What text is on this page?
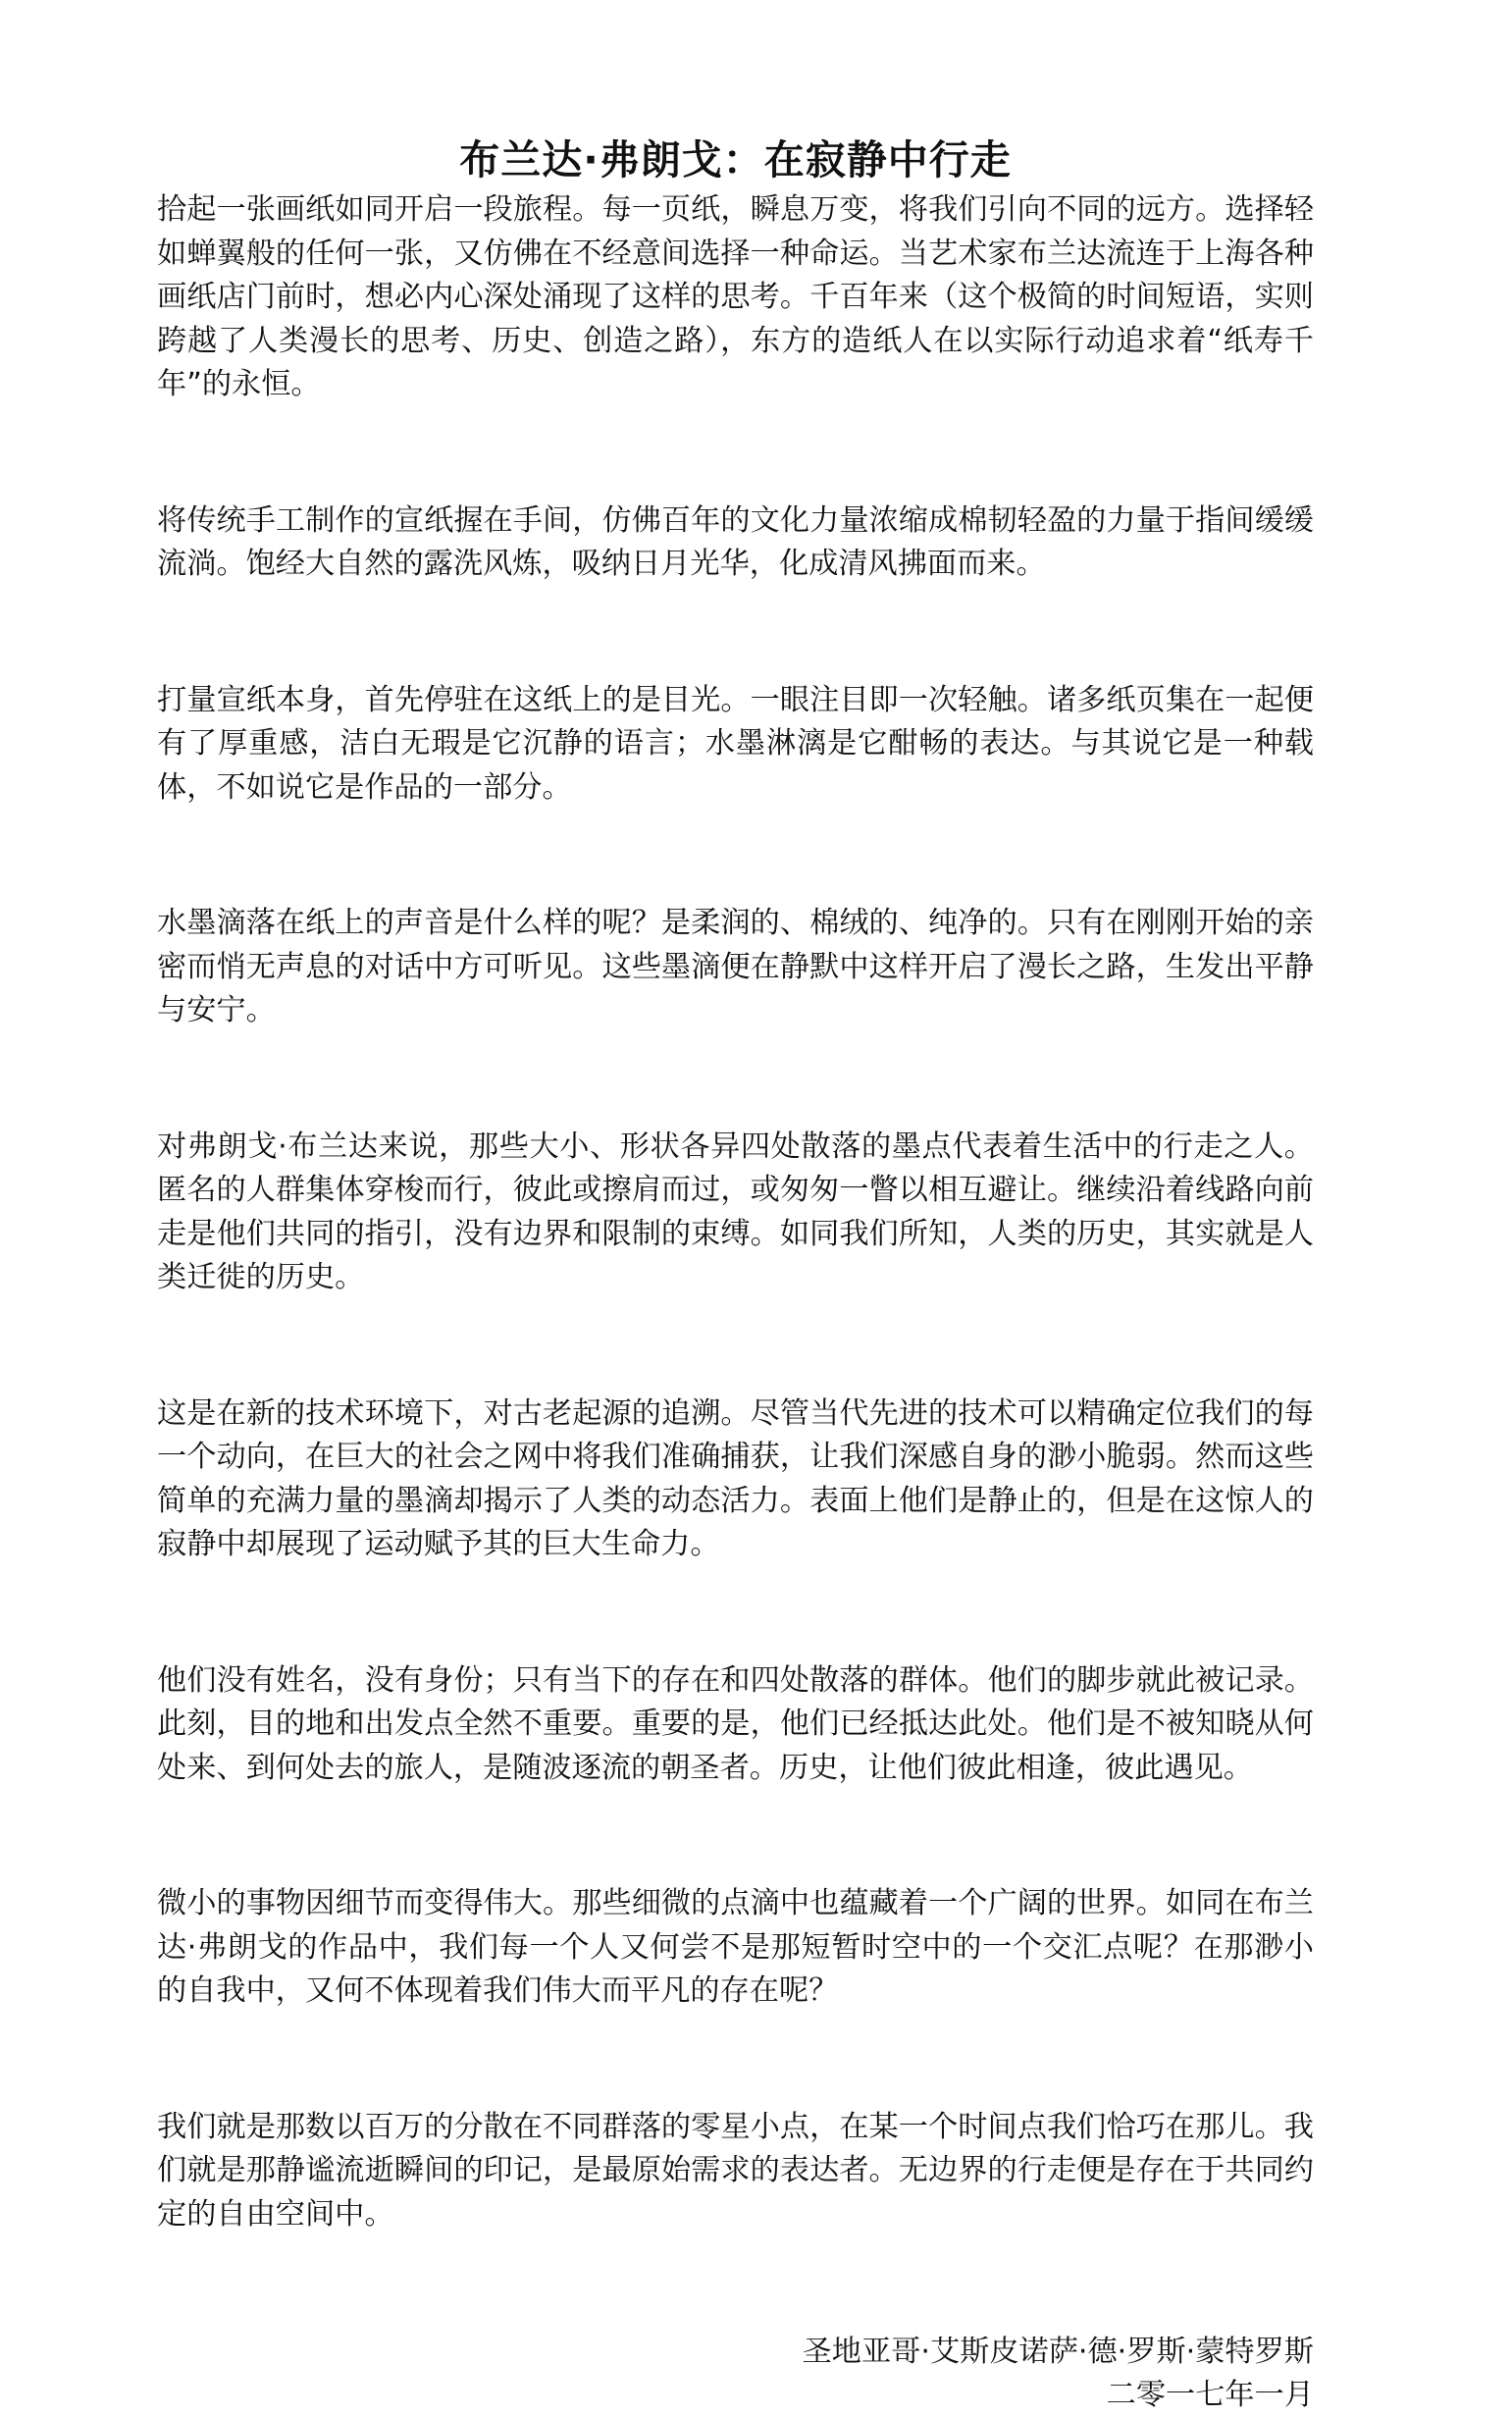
布兰达·弗朗戈：在寂静中行走
拾起一张画纸如同开启一段旅程。每一页纸，瞬息万变，将我们引向不同的远方。选择轻如蝉翼般的任何一张，又仿佛在不经意间选择一种命运。当艺术家布兰达流连于上海各种画纸店门前时，想必内心深处涌现了这样的思考。千百年来（这个极简的时间短语，实则跨越了人类漫长的思考、历史、创造之路），东方的造纸人在以实际行动追求着“纸寿千年”的永恒。
将传统手工制作的宣纸握在手间，仿佛百年的文化力量浓缩成棉韧轻盈的力量于指间缓缓流淌。饱经大自然的露洗风炼，吸纳日月光华，化成清风拂面而来。
打量宣纸本身，首先停驻在这纸上的是目光。一眼注目即一次轻触。诸多纸页集在一起便有了厚重感，洁白无瑕是它沉静的语言；水墨淋漓是它酣畅的表达。与其说它是一种载体，不如说它是作品的一部分。
水墨滴落在纸上的声音是什么样的呢？是柔润的、棉绒的、纯净的。只有在刚刚开始的亲密而悄无声息的对话中方可听见。这些墨滴便在静默中这样开启了漫长之路，生发出平静与安宁。
对弗朗戈·布兰达来说，那些大小、形状各异四处散落的墨点代表着生活中的行走之人。匿名的人群集体穿梭而行，彼此或擦肩而过，或匆匆一瞥以相互避让。继续沿着线路向前走是他们共同的指引，没有边界和限制的束缚。如同我们所知，人类的历史，其实就是人类迁徙的历史。
这是在新的技术环境下，对古老起源的追溯。尽管当代先进的技术可以精确定位我们的每一个动向，在巨大的社会之网中将我们准确捕获，让我们深感自身的渺小脆弱。然而这些简单的充满力量的墨滴却揭示了人类的动态活力。表面上他们是静止的，但是在这惊人的寂静中却展现了运动赋予其的巨大生命力。
他们没有姓名，没有身份；只有当下的存在和四处散落的群体。他们的脚步就此被记录。此刻，目的地和出发点全然不重要。重要的是，他们已经抵达此处。他们是不被知晓从何处来、到何处去的旅人，是随波逐流的朝圣者。历史，让他们彼此相逢，彼此遇见。
微小的事物因细节而变得伟大。那些细微的点滴中也蕴藏着一个广阔的世界。如同在布兰达·弗朗戈的作品中，我们每一个人又何尝不是那短暂时空中的一个交汇点呢？在那渺小的自我中，又何不体现着我们伟大而平凡的存在呢？
我们就是那数以百万的分散在不同群落的零星小点，在某一个时间点我们恰巧在那儿。我们就是那静谧流逝瞬间的印记，是最原始需求的表达者。无边界的行走便是存在于共同约定的自由空间中。
圣地亚哥·艾斯皮诺萨·德·罗斯·蒙特罗斯
二零一七年一月
